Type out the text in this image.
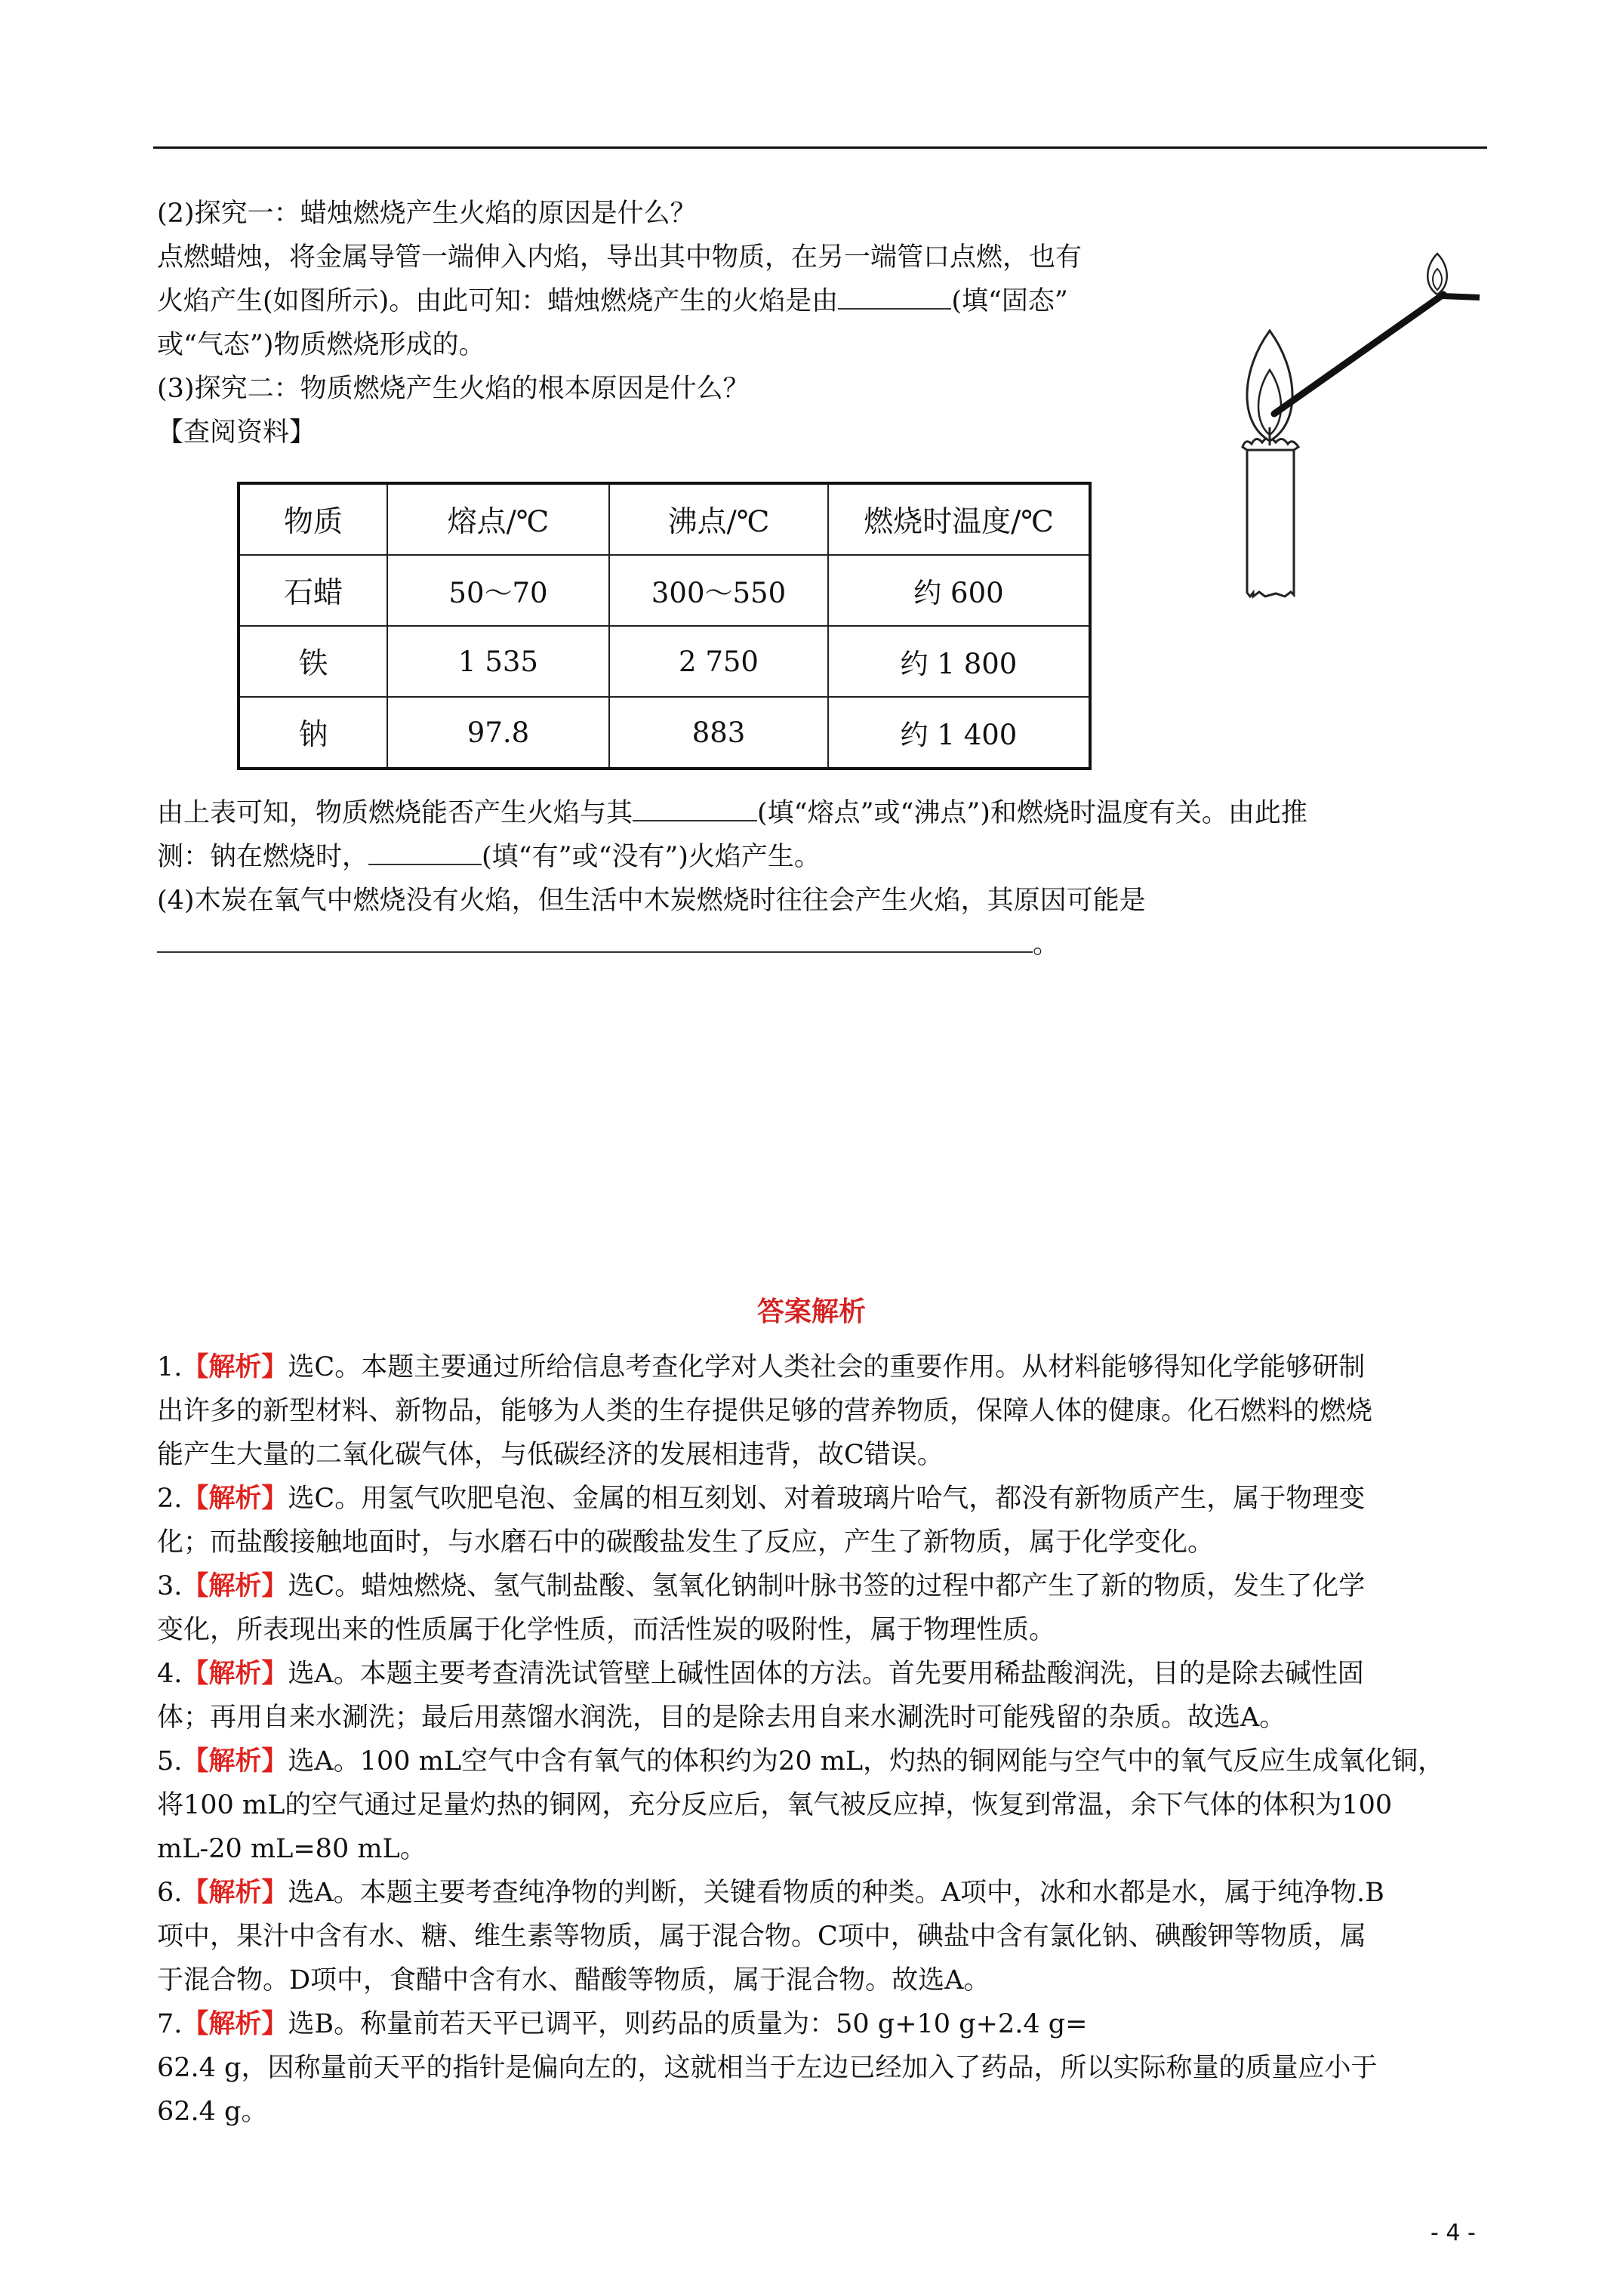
(2)探究一：蜡烛燃烧产生火焰的原因是什么？
点燃蜡烛，将金属导管一端伸入内焰，导出其中物质，在另一端管口点燃，也有
火焰产生(如图所示)。由此可知：蜡烛燃烧产生的火焰是由	(填“固态”
或“气态”)物质燃烧形成的。
(3)探究二：物质燃烧产生火焰的根本原因是什么？
【查阅资料】
物质	熔点/℃	沸点/℃	燃烧时温度/℃
石蜡	50～70	300～550	约 600
铁	1 535	2 750	约 1 800
钠	97.8	883	约 1 400
由上表可知，物质燃烧能否产生火焰与其	(填“熔点”或“沸点”)和燃烧时温度有关。由此推
测：钠在燃烧时，	(填“有”或“没有”)火焰产生。
(4)木炭在氧气中燃烧没有火焰，但生活中木炭燃烧时往往会产生火焰，其原因可能是
。
答案解析
1.【解析】选C。本题主要通过所给信息考查化学对人类社会的重要作用。从材料能够得知化学能够研制
出许多的新型材料、新物品，能够为人类的生存提供足够的营养物质，保障人体的健康。化石燃料的燃烧
能产生大量的二氧化碳气体，与低碳经济的发展相违背，故C错误。
2.【解析】选C。用氢气吹肥皂泡、金属的相互刻划、对着玻璃片哈气，都没有新物质产生，属于物理变
化；而盐酸接触地面时，与水磨石中的碳酸盐发生了反应，产生了新物质，属于化学变化。
3.【解析】选C。蜡烛燃烧、氢气制盐酸、氢氧化钠制叶脉书签的过程中都产生了新的物质，发生了化学
变化，所表现出来的性质属于化学性质，而活性炭的吸附性，属于物理性质。
4.【解析】选A。本题主要考查清洗试管壁上碱性固体的方法。首先要用稀盐酸润洗，目的是除去碱性固
体；再用自来水涮洗；最后用蒸馏水润洗，目的是除去用自来水涮洗时可能残留的杂质。故选A。
5.【解析】选A。100 mL空气中含有氧气的体积约为20 mL，灼热的铜网能与空气中的氧气反应生成氧化铜，
将100 mL的空气通过足量灼热的铜网，充分反应后，氧气被反应掉，恢复到常温，余下气体的体积为100
mL-20 mL=80 mL。
6.【解析】选A。本题主要考查纯净物的判断，关键看物质的种类。A项中，冰和水都是水，属于纯净物.B
项中，果汁中含有水、糖、维生素等物质，属于混合物。C项中，碘盐中含有氯化钠、碘酸钾等物质，属
于混合物。D项中，食醋中含有水、醋酸等物质，属于混合物。故选A。
7.【解析】选B。称量前若天平已调平，则药品的质量为：50 g+10 g+2.4 g=
62.4 g，因称量前天平的指针是偏向左的，这就相当于左边已经加入了药品，所以实际称量的质量应小于
62.4 g。
- 4 -
